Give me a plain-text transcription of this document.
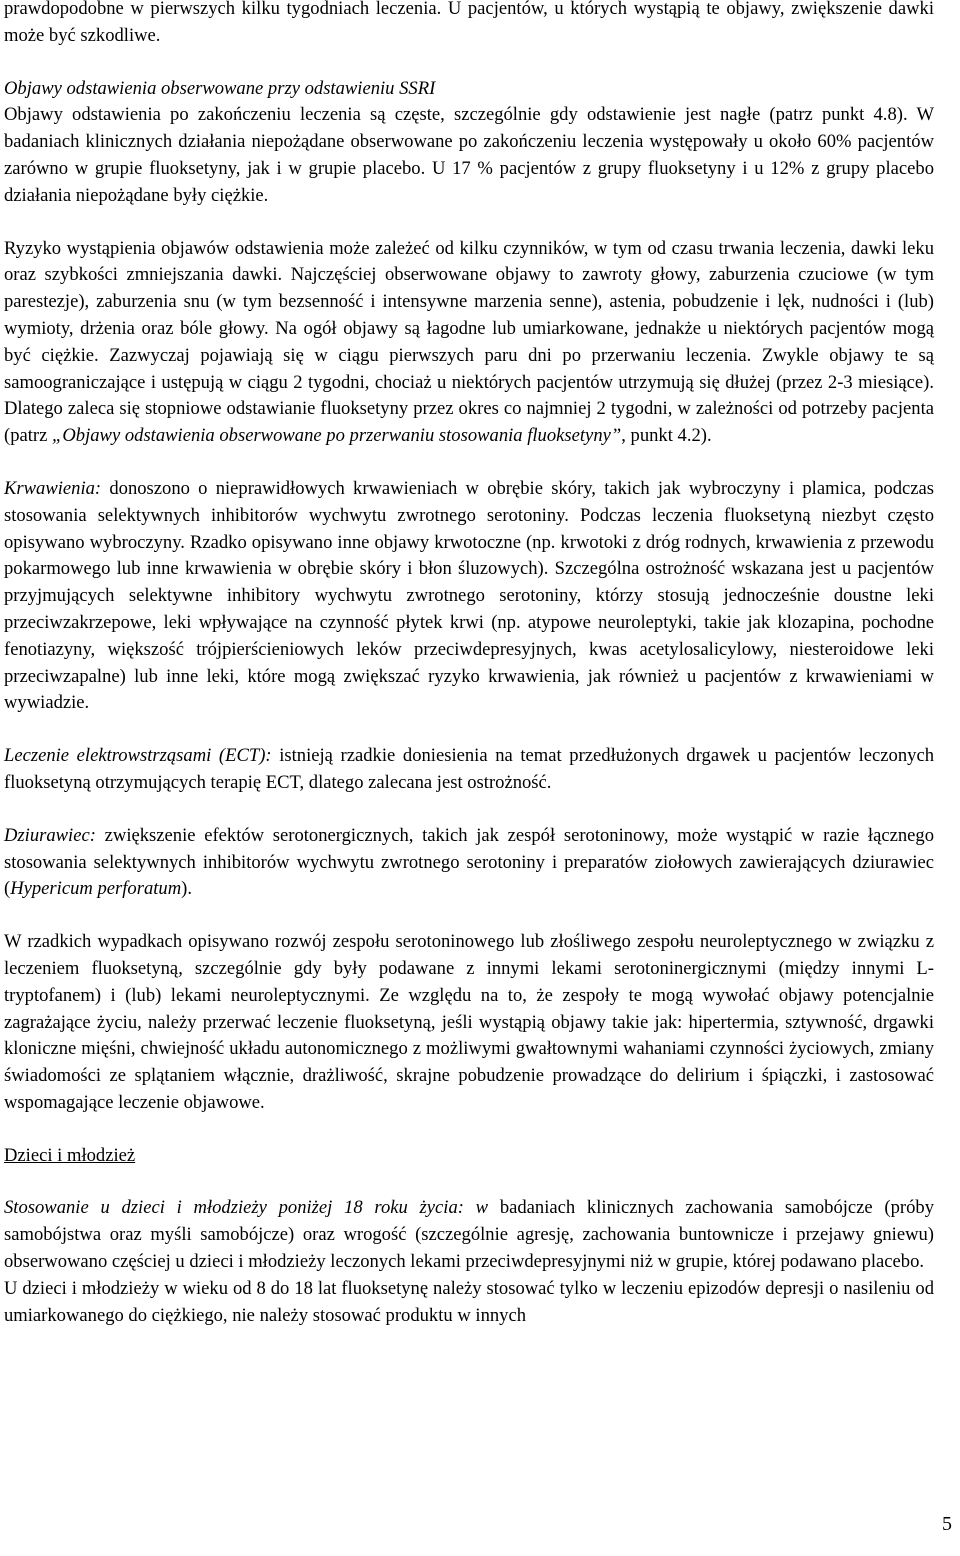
prawdopodobne w pierwszych kilku tygodniach leczenia. U pacjentów, u których wystąpią te objawy, zwiększenie dawki może być szkodliwe.

Objawy odstawienia obserwowane przy odstawieniu SSRI

Objawy odstawienia po zakończeniu leczenia są częste, szczególnie gdy odstawienie jest nagłe (patrz punkt 4.8). W badaniach klinicznych działania niepożądane obserwowane po zakończeniu leczenia występowały u około 60% pacjentów zarówno w grupie fluoksetyny, jak i w grupie placebo. U 17 % pacjentów z grupy fluoksetyny i u 12% z grupy placebo działania niepożądane były ciężkie.

Ryzyko wystąpienia objawów odstawienia może zależeć od kilku czynników, w tym od czasu trwania leczenia, dawki leku oraz szybkości zmniejszania dawki. Najczęściej obserwowane objawy to zawroty głowy, zaburzenia czuciowe (w tym parestezje), zaburzenia snu (w tym bezsenność i intensywne marzenia senne), astenia, pobudzenie i lęk, nudności i (lub) wymioty, drżenia oraz bóle głowy. Na ogół objawy są łagodne lub umiarkowane, jednakże u niektórych pacjentów mogą być ciężkie. Zazwyczaj pojawiają się w ciągu pierwszych paru dni po przerwaniu leczenia. Zwykle objawy te są samoograniczające i ustępują w ciągu 2 tygodni, chociaż u niektórych pacjentów utrzymują się dłużej (przez 2-3 miesiące). Dlatego zaleca się stopniowe odstawianie fluoksetyny przez okres co najmniej 2 tygodni, w zależności od potrzeby pacjenta (patrz „Objawy odstawienia obserwowane po przerwaniu stosowania fluoksetyny”, punkt 4.2).

Krwawienia: donoszono o nieprawidłowych krwawieniach w obrębie skóry, takich jak wybroczyny i plamica, podczas stosowania selektywnych inhibitorów wychwytu zwrotnego serotoniny. Podczas leczenia fluoksetyną niezbyt często opisywano wybroczyny. Rzadko opisywano inne objawy krwotoczne (np. krwotoki z dróg rodnych, krwawienia z przewodu pokarmowego lub inne krwawienia w obrębie skóry i błon śluzowych). Szczególna ostrożność wskazana jest u pacjentów przyjmujących selektywne inhibitory wychwytu zwrotnego serotoniny, którzy stosują jednocześnie doustne leki przeciwzakrzepowe, leki wpływające na czynność płytek krwi (np. atypowe neuroleptyki, takie jak klozapina, pochodne fenotiazyny, większość trójpierścieniowych leków przeciwdepresyjnych, kwas acetylosalicylowy, niesteroidowe leki przeciwzapalne) lub inne leki, które mogą zwiększać ryzyko krwawienia, jak również u pacjentów z krwawieniami w wywiadzie.

Leczenie elektrowstrząsami (ECT): istnieją rzadkie doniesienia na temat przedłużonych drgawek u pacjentów leczonych fluoksetyną otrzymujących terapię ECT, dlatego zalecana jest ostrożność.

Dziurawiec: zwiększenie efektów serotonergicznych, takich jak zespół serotoninowy, może wystąpić w razie łącznego stosowania selektywnych inhibitorów wychwytu zwrotnego serotoniny i preparatów ziołowych zawierających dziurawiec (Hypericum perforatum).

W rzadkich wypadkach opisywano rozwój zespołu serotoninowego lub złośliwego zespołu neuroleptycznego w związku z leczeniem fluoksetyną, szczególnie gdy były podawane z innymi lekami serotoninergicznymi (między innymi L-tryptofanem) i (lub) lekami neuroleptycznymi. Ze względu na to, że zespoły te mogą wywołać objawy potencjalnie zagrażające życiu, należy przerwać leczenie fluoksetyną, jeśli wystąpią objawy takie jak: hipertermia, sztywność, drgawki kloniczne mięśni, chwiejność układu autonomicznego z możliwymi gwałtownymi wahaniami czynności życiowych, zmiany świadomości ze splątaniem włącznie, drażliwość, skrajne pobudzenie prowadzące do delirium i śpiączki, i zastosować wspomagające leczenie objawowe.

Dzieci i młodzież

Stosowanie u dzieci i młodzieży poniżej 18 roku życia: w badaniach klinicznych zachowania samobójcze (próby samobójstwa oraz myśli samobójcze) oraz wrogość (szczególnie agresję, zachowania buntownicze i przejawy gniewu) obserwowano częściej u dzieci i młodzieży leczonych lekami przeciwdepresyjnymi niż w grupie, której podawano placebo.

U dzieci i młodzieży w wieku od 8 do 18 lat fluoksetynę należy stosować tylko w leczeniu epizodów depresji o nasileniu od umiarkowanego do ciężkiego, nie należy stosować produktu w innych

5
